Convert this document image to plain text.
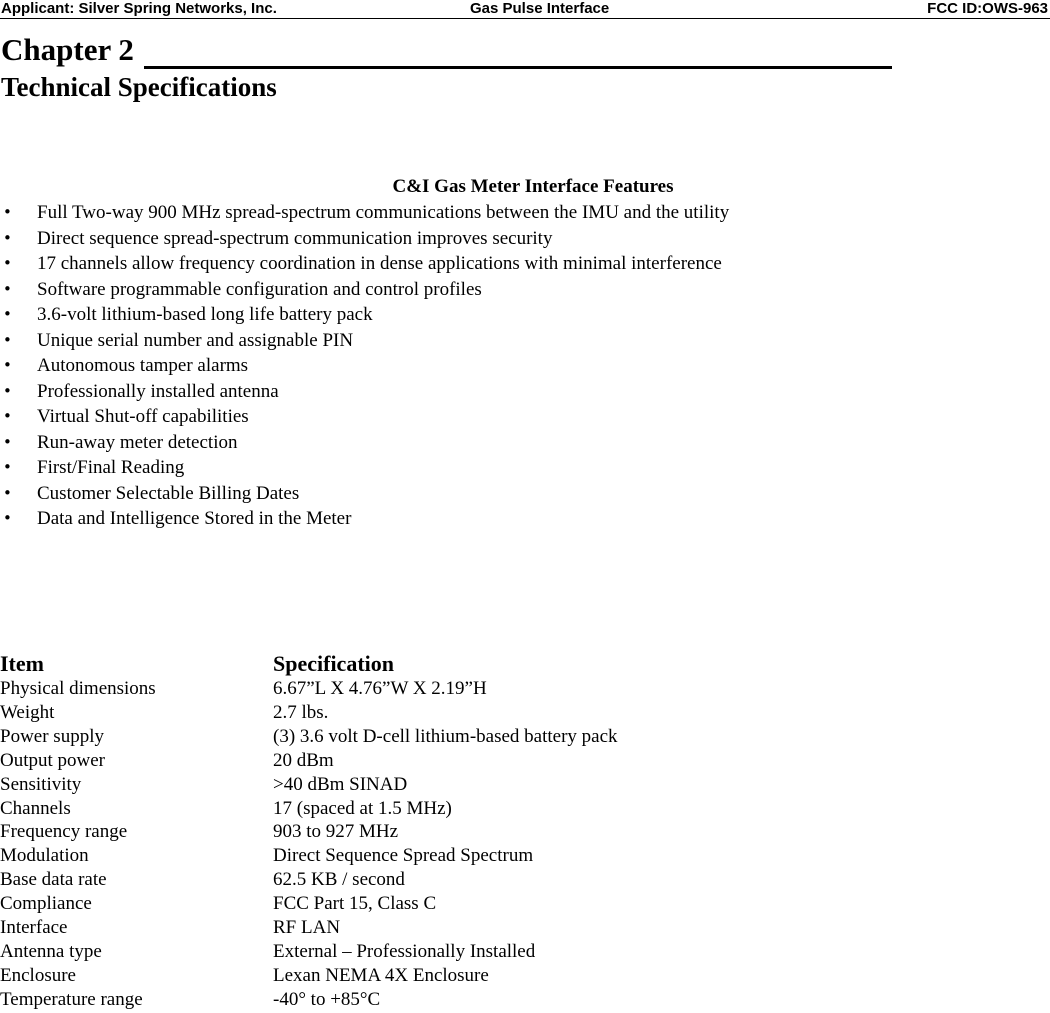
Applicant: Silver Spring Networks, Inc.	Gas Pulse Interface	FCC ID:OWS-963
Chapter 2
Technical Specifications
C&I Gas Meter Interface Features
• Full Two-way 900 MHz spread-spectrum communications between the IMU and the utility
• Direct sequence spread-spectrum communication improves security
• 17 channels allow frequency coordination in dense applications with minimal interference
• Software programmable configuration and control profiles
• 3.6-volt lithium-based long life battery pack
• Unique serial number and assignable PIN
• Autonomous tamper alarms
• Professionally installed antenna
• Virtual Shut-off capabilities
• Run-away meter detection
• First/Final Reading
• Customer Selectable Billing Dates
• Data and Intelligence Stored in the Meter
Item	Specification
Physical dimensions	6.67”L X 4.76”W X 2.19”H
Weight	2.7 lbs.
Power supply	(3) 3.6 volt D-cell lithium-based battery pack
Output power	20 dBm
Sensitivity	>40 dBm SINAD
Channels	17 (spaced at 1.5 MHz)
Frequency range	903 to 927 MHz
Modulation	Direct Sequence Spread Spectrum
Base data rate	62.5 KB / second
Compliance	FCC Part 15, Class C
Interface	RF LAN
Antenna type	External – Professionally Installed
Enclosure	Lexan NEMA 4X Enclosure
Temperature range	-40° to +85°C
